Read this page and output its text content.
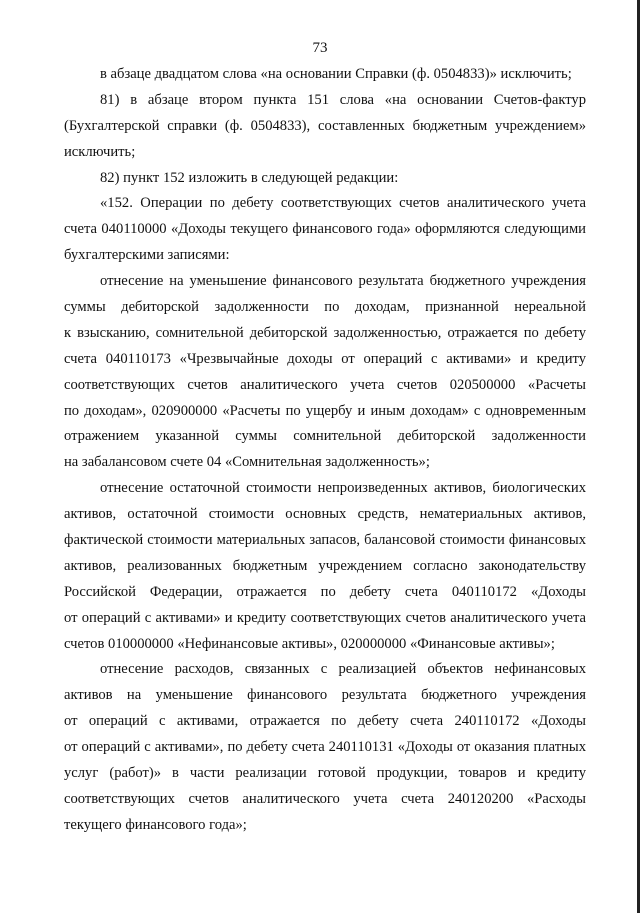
73
в абзаце двадцатом слова «на основании Справки (ф. 0504833)» исключить;
81) в абзаце втором пункта 151 слова «на основании Счетов-фактур
(Бухгалтерской справки (ф. 0504833), составленных бюджетным учреждением»
исключить;
82) пункт 152 изложить в следующей редакции:
«152. Операции по дебету соответствующих счетов аналитического учета
счета 040110000 «Доходы текущего финансового года» оформляются следующими
бухгалтерскими записями:
отнесение на уменьшение финансового результата бюджетного учреждения
суммы дебиторской задолженности по доходам, признанной нереальной
к взысканию, сомнительной дебиторской задолженностью, отражается по дебету
счета 040110173 «Чрезвычайные доходы от операций с активами» и кредиту
соответствующих счетов аналитического учета счетов 020500000 «Расчеты
по доходам», 020900000 «Расчеты по ущербу и иным доходам» с одновременным
отражением указанной суммы сомнительной дебиторской задолженности
на забалансовом счете 04 «Сомнительная задолженность»;
отнесение остаточной стоимости непроизведенных активов, биологических
активов, остаточной стоимости основных средств, нематериальных активов,
фактической стоимости материальных запасов, балансовой стоимости финансовых
активов, реализованных бюджетным учреждением согласно законодательству
Российской Федерации, отражается по дебету счета 040110172 «Доходы
от операций с активами» и кредиту соответствующих счетов аналитического учета
счетов 010000000 «Нефинансовые активы», 020000000 «Финансовые активы»;
отнесение расходов, связанных с реализацией объектов нефинансовых
активов на уменьшение финансового результата бюджетного учреждения
от операций с активами, отражается по дебету счета 240110172 «Доходы
от операций с активами», по дебету счета 240110131 «Доходы от оказания платных
услуг (работ)» в части реализации готовой продукции, товаров и кредиту
соответствующих счетов аналитического учета счета 240120200 «Расходы
текущего финансового года»;
